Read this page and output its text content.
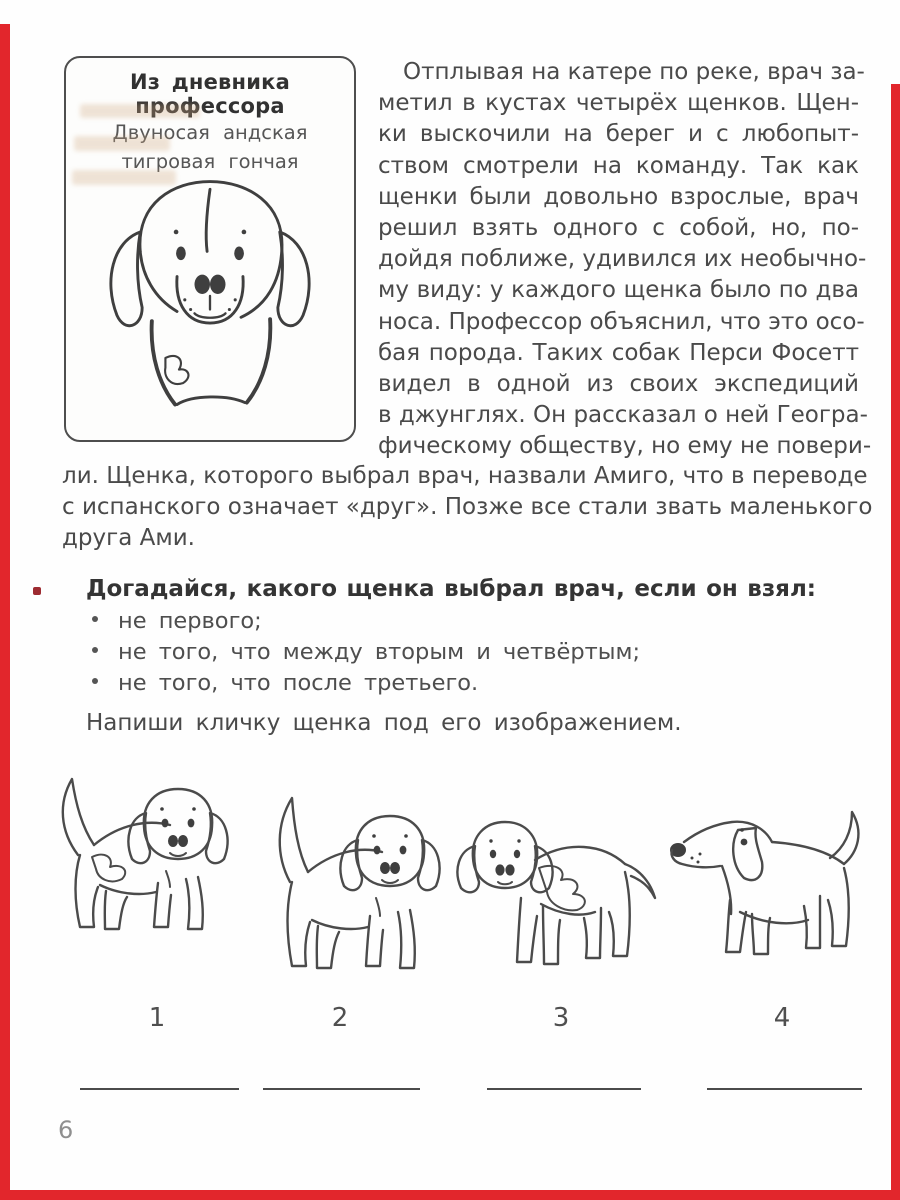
Из дневника профессора
Двуносая андская
тигровая гончая
Отплывая на катере по реке, врач за-
метил в кустах четырёх щенков. Щен-
ки выскочили на берег и с любопыт-
ством смотрели на команду. Так как
щенки были довольно взрослые, врач
решил взять одного с собой, но, по-
дойдя поближе, удивился их необычно-
му виду: у каждого щенка было по два
носа. Профессор объяснил, что это осо-
бая порода. Таких собак Перси Фосетт
видел в одной из своих экспедиций
в джунглях. Он рассказал о ней Геогра-
фическому обществу, но ему не повери-
ли. Щенка, которого выбрал врач, назвали Амиго, что в переводе
с испанского означает «друг». Позже все стали звать маленького
друга Ами.
Догадайся, какого щенка выбрал врач, если он взял:
не первого;
не того, что между вторым и четвёртым;
не того, что после третьего.
Напиши кличку щенка под его изображением.
1	2	3	4
6
